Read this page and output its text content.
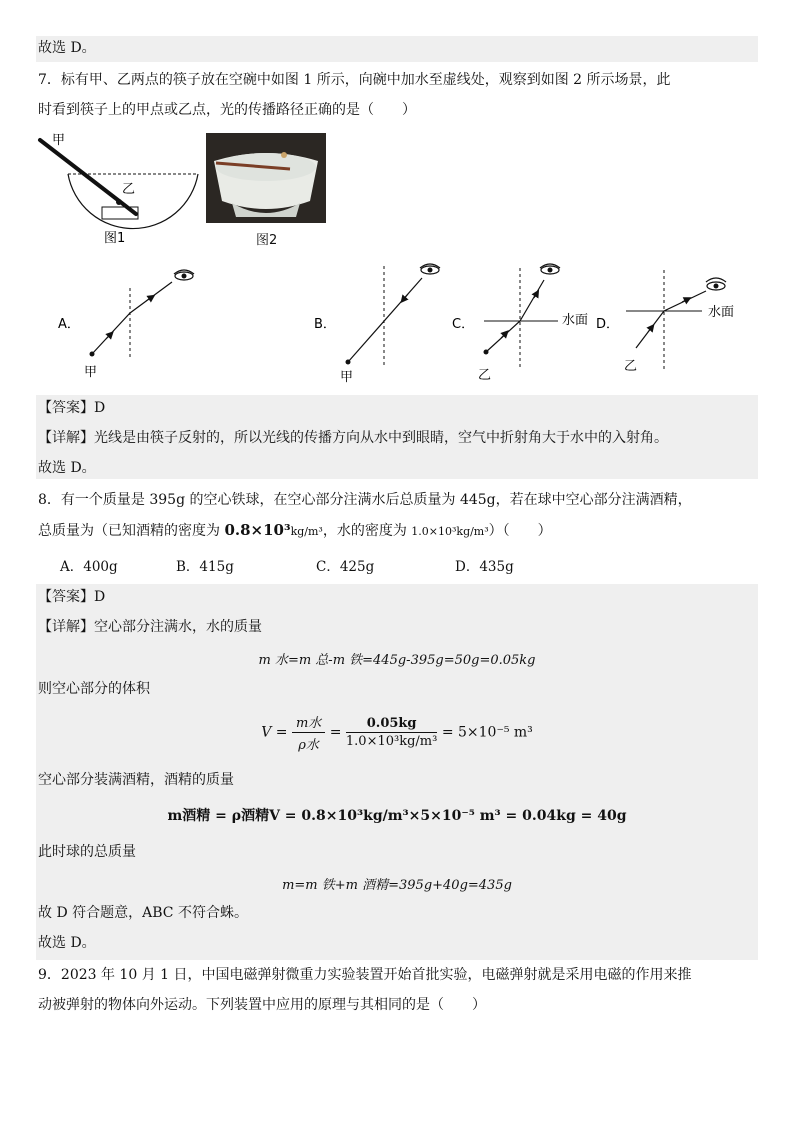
故选 D。
7．标有甲、乙两点的筷子放在空碗中如图 1 所示，向碗中加水至虚线处，观察到如图 2 所示场景，此
时看到筷子上的甲点或乙点，光的传播路径正确的是（　　）
甲
乙
图1	图2
A．
甲
B．
甲
C．	水面
乙
D．
水面
乙
【答案】D
【详解】光线是由筷子反射的，所以光线的传播方向从水中到眼睛，空气中折射角大于水中的入射角。
故选 D。
8．有一个质量是 395g 的空心铁球，在空心部分注满水后总质量为 445g，若在球中空心部分注满酒精，
总质量为（已知酒精的密度为 0.8×10³kg/m³，水的密度为 1.0×10³kg/m³）（　　）
A．400g	B．415g	C．425g	D．435g
【答案】D
【详解】空心部分注满水，水的质量
m 水=m 总-m 铁=445g-395g=50g=0.05kg
则空心部分的体积
$V = \frac{\text{m水}}{\text{ρ水}} = \frac{0.05kg}{\text{1.0×10³kg/m³}} = 5\times 10^{-5}$ m³
空心部分装满酒精，酒精的质量
m酒精 = ρ酒精V = 0.8×10³kg/m³×5×10⁻⁵ m³ = 0.04kg = 40g
此时球的总质量
m=m 铁+m 酒精=395g+40g=435g
故 D 符合题意，ABC 不符合蛛。
故选 D。
9．2023 年 10 月 1 日，中国电磁弹射微重力实验装置开始首批实验，电磁弹射就是采用电磁的作用来推
动被弹射的物体向外运动。下列装置中应用的原理与其相同的是（　　）
